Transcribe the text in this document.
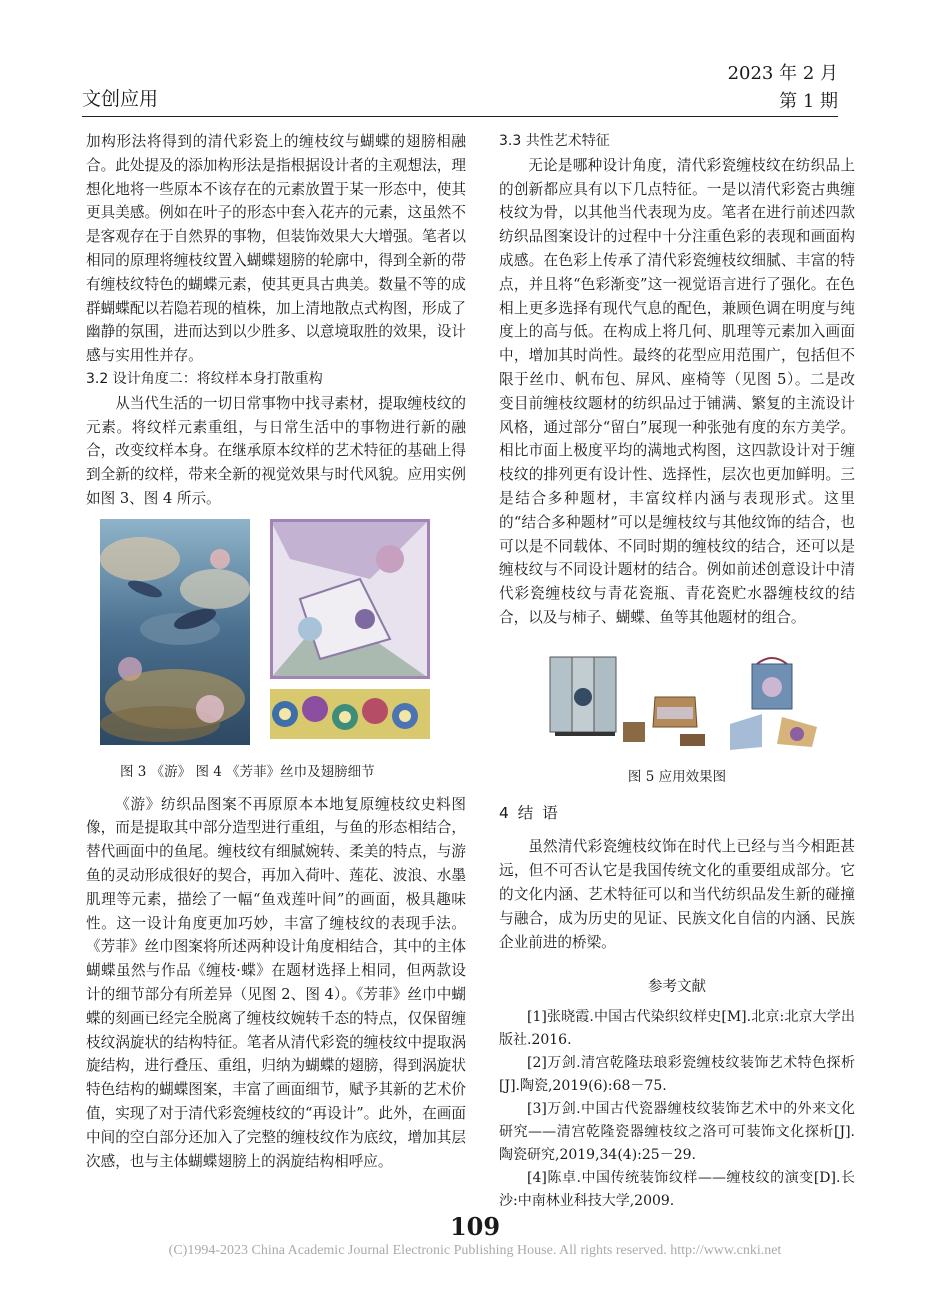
文创应用
2023 年 2 月
第 1 期

加构形法将得到的清代彩瓷上的缠枝纹与蝴蝶的翅膀相融合。此处提及的添加构形法是指根据设计者的主观想法，理想化地将一些原本不该存在的元素放置于某一形态中，使其更具美感。例如在叶子的形态中套入花卉的元素，这虽然不是客观存在于自然界的事物，但装饰效果大大增强。笔者以相同的原理将缠枝纹置入蝴蝶翅膀的轮廓中，得到全新的带有缠枝纹特色的蝴蝶元素，使其更具古典美。数量不等的成群蝴蝶配以若隐若现的植株，加上清地散点式构图，形成了幽静的氛围，进而达到以少胜多、以意境取胜的效果，设计感与实用性并存。

3.2 设计角度二：将纹样本身打散重构

从当代生活的一切日常事物中找寻素材，提取缠枝纹的元素。将纹样元素重组，与日常生活中的事物进行新的融合，改变纹样本身。在继承原本纹样的艺术特征的基础上得到全新的纹样，带来全新的视觉效果与时代风貌。应用实例如图 3、图 4 所示。

图 3 《游》 图 4 《芳菲》丝巾及翅膀细节

《游》纺织品图案不再原原本本地复原缠枝纹史料图像，而是提取其中部分造型进行重组，与鱼的形态相结合，替代画面中的鱼尾。缠枝纹有细腻婉转、柔美的特点，与游鱼的灵动形成很好的契合，再加入荷叶、莲花、波浪、水墨肌理等元素，描绘了一幅“鱼戏莲叶间”的画面，极具趣味性。这一设计角度更加巧妙，丰富了缠枝纹的表现手法。《芳菲》丝巾图案将所述两种设计角度相结合，其中的主体蝴蝶虽然与作品《缠枝·蝶》在题材选择上相同，但两款设计的细节部分有所差异（见图 2、图 4）。《芳菲》丝巾中蝴蝶的刻画已经完全脱离了缠枝纹婉转千态的特点，仅保留缠枝纹涡旋状的结构特征。笔者从清代彩瓷的缠枝纹中提取涡旋结构，进行叠压、重组，归纳为蝴蝶的翅膀，得到涡旋状特色结构的蝴蝶图案，丰富了画面细节，赋予其新的艺术价值，实现了对于清代彩瓷缠枝纹的“再设计”。此外，在画面中间的空白部分还加入了完整的缠枝纹作为底纹，增加其层次感，也与主体蝴蝶翅膀上的涡旋结构相呼应。

3.3 共性艺术特征

无论是哪种设计角度，清代彩瓷缠枝纹在纺织品上的创新都应具有以下几点特征。一是以清代彩瓷古典缠枝纹为骨，以其他当代表现为皮。笔者在进行前述四款纺织品图案设计的过程中十分注重色彩的表现和画面构成感。在色彩上传承了清代彩瓷缠枝纹细腻、丰富的特点，并且将“色彩渐变”这一视觉语言进行了强化。在色相上更多选择有现代气息的配色，兼顾色调在明度与纯度上的高与低。在构成上将几何、肌理等元素加入画面中，增加其时尚性。最终的花型应用范围广，包括但不限于丝巾、帆布包、屏风、座椅等（见图 5）。二是改变目前缠枝纹题材的纺织品过于铺满、繁复的主流设计风格，通过部分“留白”展现一种张弛有度的东方美学。相比市面上极度平均的满地式构图，这四款设计对于缠枝纹的排列更有设计性、选择性，层次也更加鲜明。三是结合多种题材，丰富纹样内涵与表现形式。这里的“结合多种题材”可以是缠枝纹与其他纹饰的结合，也可以是不同载体、不同时期的缠枝纹的结合，还可以是缠枝纹与不同设计题材的结合。例如前述创意设计中清代彩瓷缠枝纹与青花瓷瓶、青花瓷贮水器缠枝纹的结合，以及与柿子、蝴蝶、鱼等其他题材的组合。

图 5 应用效果图

4 结 语

虽然清代彩瓷缠枝纹饰在时代上已经与当今相距甚远，但不可否认它是我国传统文化的重要组成部分。它的文化内涵、艺术特征可以和当代纺织品发生新的碰撞与融合，成为历史的见证、民族文化自信的内涵、民族企业前进的桥梁。

参考文献

[1]张晓霞.中国古代染织纹样史[M].北京:北京大学出版社.2016.

[2]万剑.清宫乾隆珐琅彩瓷缠枝纹装饰艺术特色探析[J].陶瓷,2019(6):68－75.

[3]万剑.中国古代瓷器缠枝纹装饰艺术中的外来文化研究——清宫乾隆瓷器缠枝纹之洛可可装饰文化探析[J].陶瓷研究,2019,34(4):25－29.

[4]陈卓.中国传统装饰纹样——缠枝纹的演变[D].长沙:中南林业科技大学,2009.

109
(C)1994-2023 China Academic Journal Electronic Publishing House. All rights reserved. http://www.cnki.net
